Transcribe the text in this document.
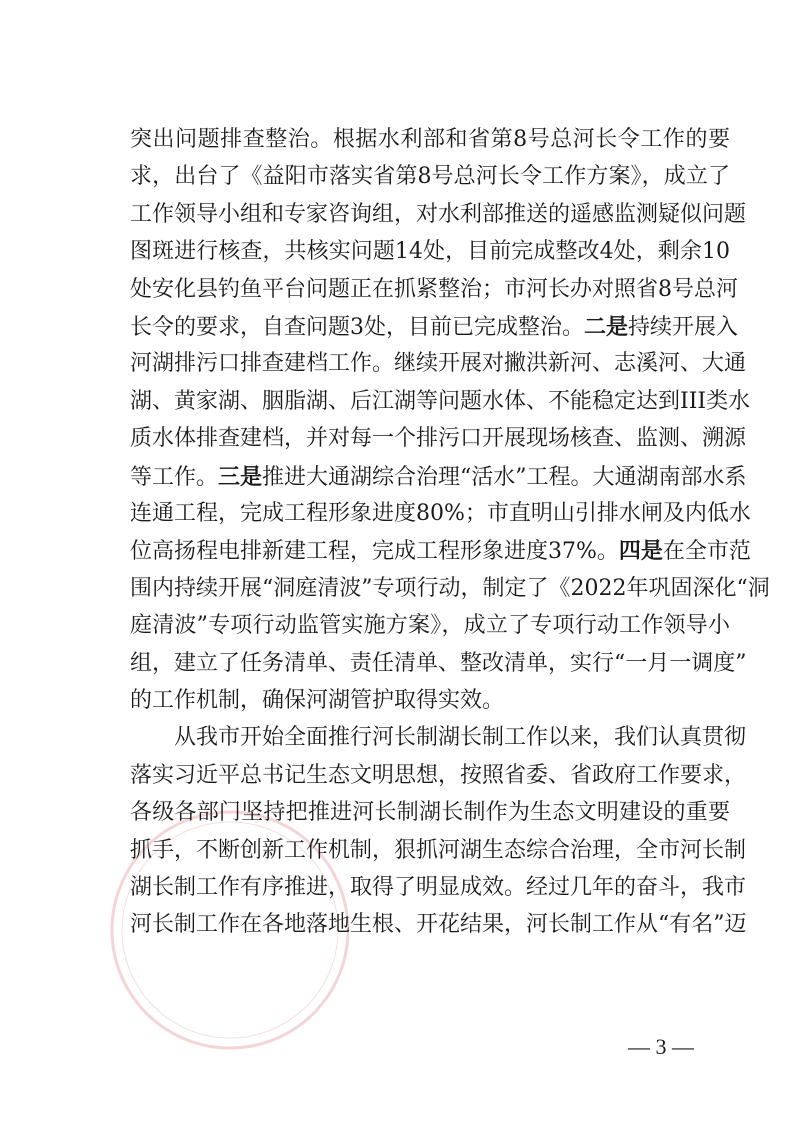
突出问题排查整治。根据水利部和省第8号总河长令工作的要
求，出台了《益阳市落实省第8号总河长令工作方案》，成立了
工作领导小组和专家咨询组，对水利部推送的遥感监测疑似问题
图斑进行核查，共核实问题14处，目前完成整改4处，剩余10
处安化县钓鱼平台问题正在抓紧整治；市河长办对照省8号总河
长令的要求，自查问题3处，目前已完成整治。二是持续开展入
河湖排污口排查建档工作。继续开展对撇洪新河、志溪河、大通
湖、黄家湖、胭脂湖、后江湖等问题水体、不能稳定达到III类水
质水体排查建档，并对每一个排污口开展现场核查、监测、溯源
等工作。三是推进大通湖综合治理“活水”工程。大通湖南部水系
连通工程，完成工程形象进度80%；市直明山引排水闸及内低水
位高扬程电排新建工程，完成工程形象进度37%。四是在全市范
围内持续开展“洞庭清波”专项行动，制定了《2022年巩固深化“洞
庭清波”专项行动监管实施方案》，成立了专项行动工作领导小
组，建立了任务清单、责任清单、整改清单，实行“一月一调度”
的工作机制，确保河湖管护取得实效。
从我市开始全面推行河长制湖长制工作以来，我们认真贯彻
落实习近平总书记生态文明思想，按照省委、省政府工作要求，
各级各部门坚持把推进河长制湖长制作为生态文明建设的重要
抓手，不断创新工作机制，狠抓河湖生态综合治理，全市河长制
湖长制工作有序推进，取得了明显成效。经过几年的奋斗，我市
河长制工作在各地落地生根、开花结果，河长制工作从“有名”迈
— 3 —
